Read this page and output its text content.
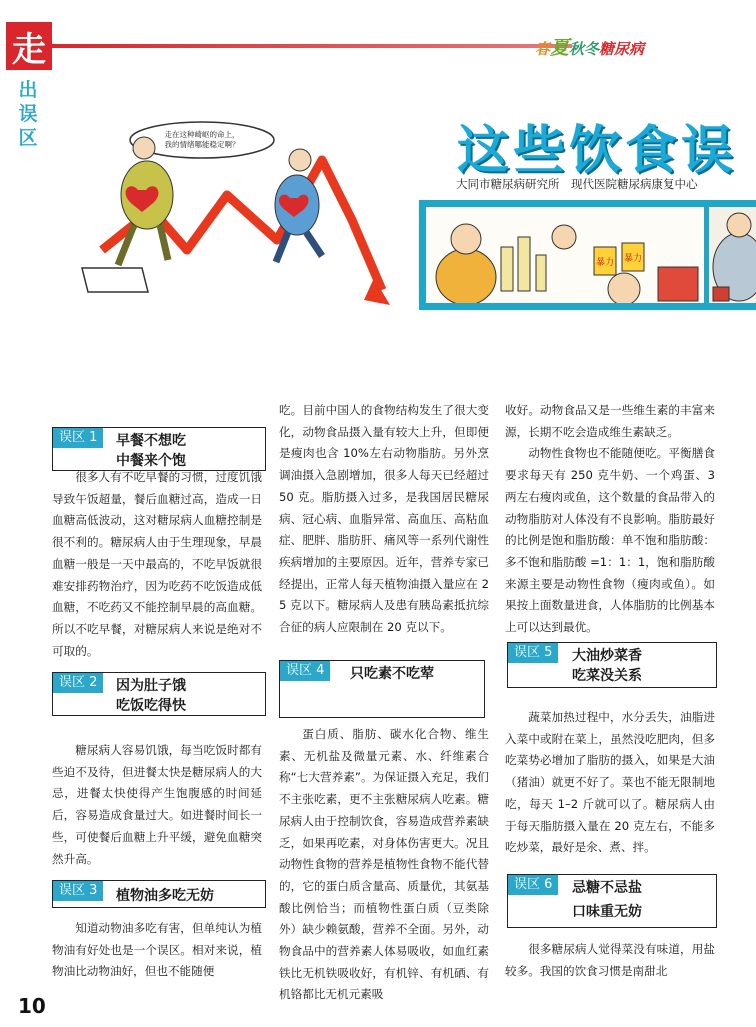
走
出
误
区
春夏秋冬糖尿病
走在这种崎岖的命上，
我的情绪哪能稳定啊？	这些饮食误
大同市糖尿病研究所　现代医院糖尿病康复中心
暴力 暴力
误区 1	早餐不想吃
中餐来个饱

很多人有不吃早餐的习惯，过度饥饿导致午饭超量，餐后血糖过高，造成一日血糖高低波动，这对糖尿病人血糖控制是很不利的。糖尿病人由于生理现象，早晨血糖一般是一天中最高的，不吃早饭就很难安排药物治疗，因为吃药不吃饭造成低血糖，不吃药又不能控制早晨的高血糖。所以不吃早餐，对糖尿病人来说是绝对不可取的。

误区 2	因为肚子饿
吃饭吃得快

糖尿病人容易饥饿，每当吃饭时都有些迫不及待，但进餐太快是糖尿病人的大忌，进餐太快使得产生饱腹感的时间延后，容易造成食量过大。如进餐时间长一些，可使餐后血糖上升平缓，避免血糖突然升高。

误区 3	植物油多吃无妨

知道动物油多吃有害，但单纯认为植物油有好处也是一个误区。相对来说，植物油比动物油好，但也不能随便

吃。目前中国人的食物结构发生了很大变化，动物食品摄入量有较大上升，但即便是瘦肉也含 10%左右动物脂肪。另外烹调油摄入急剧增加，很多人每天已经超过 50 克。脂肪摄入过多，是我国居民糖尿病、冠心病、血脂异常、高血压、高粘血症、肥胖、脂肪肝、痛风等一系列代谢性疾病增加的主要原因。近年，营养专家已经提出，正常人每天植物油摄入量应在 25 克以下。糖尿病人及患有胰岛素抵抗综合征的病人应限制在 20 克以下。

误区 4	只吃素不吃荤

蛋白质、脂肪、碳水化合物、维生素、无机盐及微量元素、水、纤维素合称“七大营养素”。为保证摄入充足，我们不主张吃素，更不主张糖尿病人吃素。糖尿病人由于控制饮食，容易造成营养素缺乏，如果再吃素，对身体伤害更大。况且动物性食物的营养是植物性食物不能代替的，它的蛋白质含量高、质量优，其氨基酸比例恰当；而植物性蛋白质（豆类除外）缺少赖氨酸，营养不全面。另外，动物食品中的营养素人体易吸收，如血红素铁比无机铁吸收好，有机锌、有机硒、有机铬都比无机元素吸

收好。动物食品又是一些维生素的丰富来源，长期不吃会造成维生素缺乏。

动物性食物也不能随便吃。平衡膳食要求每天有 250 克牛奶、一个鸡蛋、3 两左右瘦肉或鱼，这个数量的食品带入的动物脂肪对人体没有不良影响。脂肪最好的比例是饱和脂肪酸：单不饱和脂肪酸：多不饱和脂肪酸 =1：1：1，饱和脂肪酸来源主要是动物性食物（瘦肉或鱼）。如果按上面数量进食，人体脂肪的比例基本上可以达到最优。

误区 5	大油炒菜香
吃菜没关系

蔬菜加热过程中，水分丢失，油脂进入菜中或附在菜上，虽然没吃肥肉，但多吃菜势必增加了脂肪的摄入，如果是大油（猪油）就更不好了。菜也不能无限制地吃，每天 1–2 斤就可以了。糖尿病人由于每天脂肪摄入量在 20 克左右，不能多吃炒菜，最好是氽、煮、拌。

误区 6	忌糖不忌盐
口味重无妨

很多糖尿病人觉得菜没有味道，用盐较多。我国的饮食习惯是南甜北

10
